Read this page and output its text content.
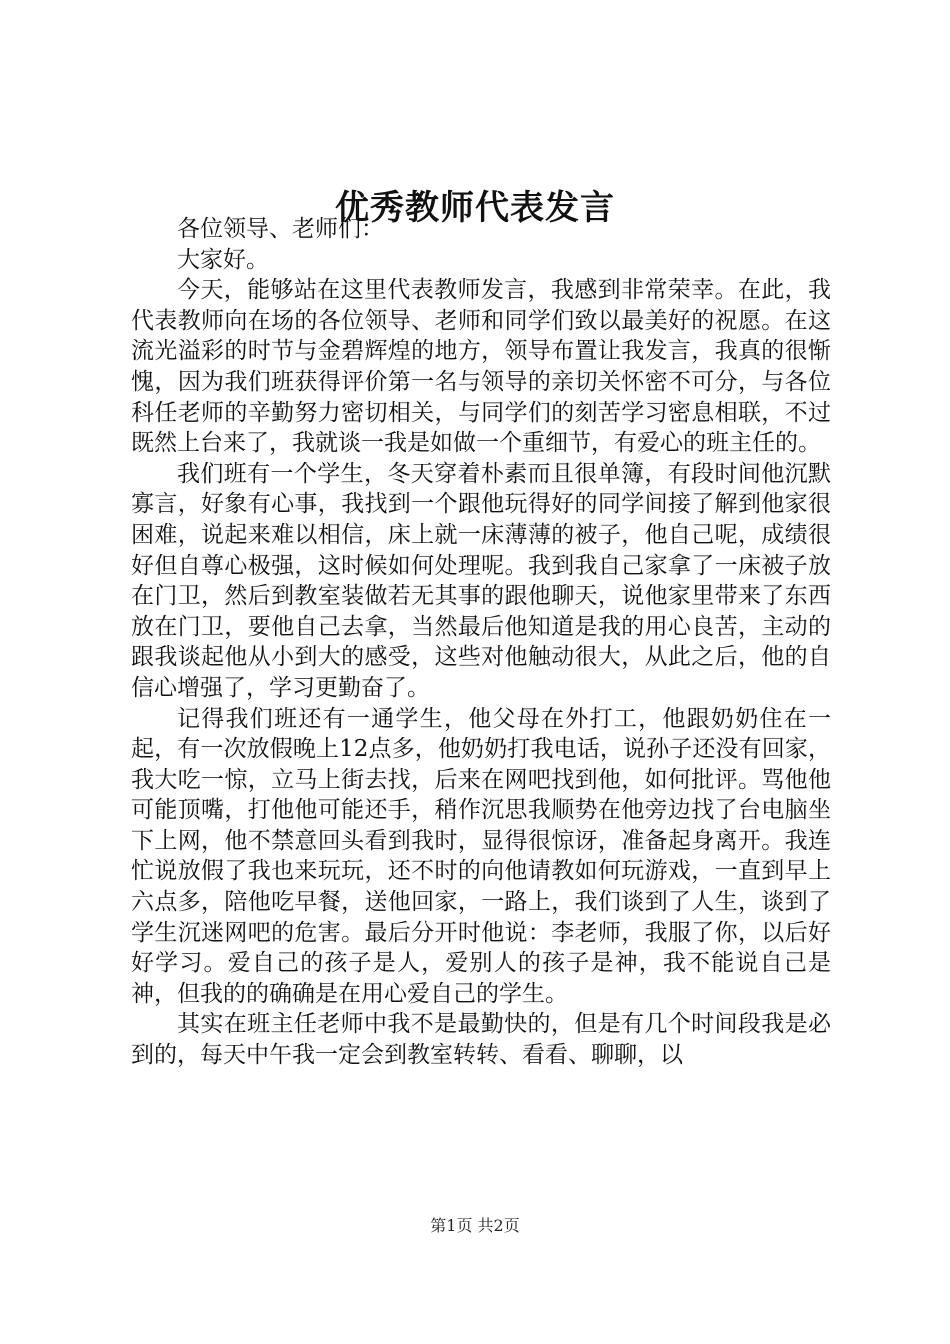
优秀教师代表发言

各位领导、老师们：

大家好。

今天，能够站在这里代表教师发言，我感到非常荣幸。在此，我代表教师向在场的各位领导、老师和同学们致以最美好的祝愿。在这流光溢彩的时节与金碧辉煌的地方，领导布置让我发言，我真的很惭愧，因为我们班获得评价第一名与领导的亲切关怀密不可分，与各位科任老师的辛勤努力密切相关，与同学们的刻苦学习密息相联，不过既然上台来了，我就谈一我是如做一个重细节，有爱心的班主任的。

我们班有一个学生，冬天穿着朴素而且很单簿，有段时间他沉默寡言，好象有心事，我找到一个跟他玩得好的同学间接了解到他家很困难，说起来难以相信，床上就一床薄薄的被子，他自己呢，成绩很好但自尊心极强，这时候如何处理呢。我到我自己家拿了一床被子放在门卫，然后到教室装做若无其事的跟他聊天，说他家里带来了东西放在门卫，要他自己去拿，当然最后他知道是我的用心良苦，主动的跟我谈起他从小到大的感受，这些对他触动很大，从此之后，他的自信心增强了，学习更勤奋了。

记得我们班还有一通学生，他父母在外打工，他跟奶奶住在一起，有一次放假晚上12点多，他奶奶打我电话，说孙子还没有回家，我大吃一惊，立马上街去找，后来在网吧找到他，如何批评。骂他他可能顶嘴，打他他可能还手，稍作沉思我顺势在他旁边找了台电脑坐下上网，他不禁意回头看到我时，显得很惊讶，准备起身离开。我连忙说放假了我也来玩玩，还不时的向他请教如何玩游戏，一直到早上六点多，陪他吃早餐，送他回家，一路上，我们谈到了人生，谈到了学生沉迷网吧的危害。最后分开时他说：李老师，我服了你，以后好好学习。爱自己的孩子是人，爱别人的孩子是神，我不能说自己是神，但我的的确确是在用心爱自己的学生。

其实在班主任老师中我不是最勤快的，但是有几个时间段我是必到的，每天中午我一定会到教室转转、看看、聊聊，以

第1页 共2页
